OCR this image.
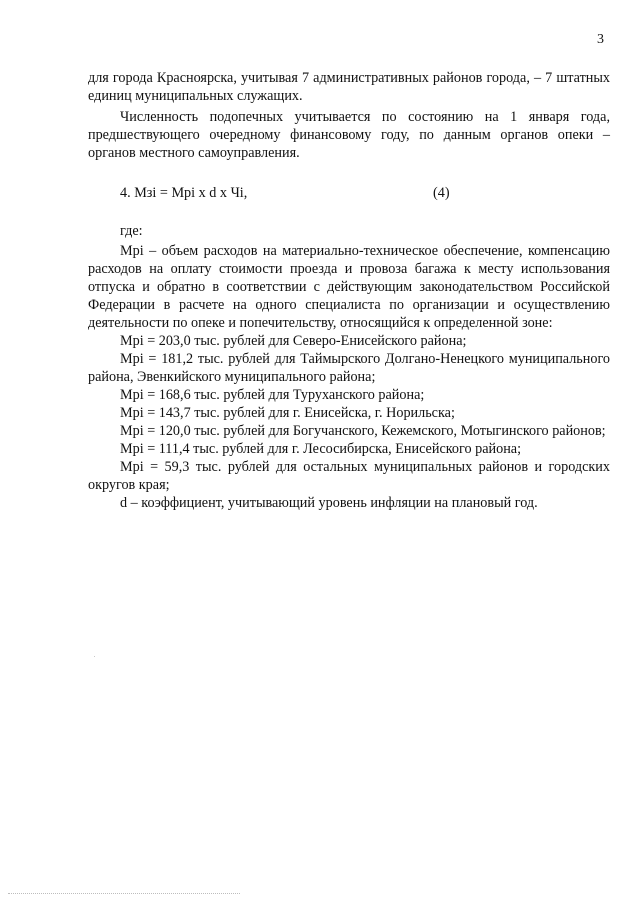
3

для города Красноярска, учитывая 7 административных районов города, – 7 штатных единиц муниципальных служащих.

Численность подопечных учитывается по состоянию на 1 января года, предшествующего очередному финансовому году, по данным органов опеки – органов местного самоуправления.

4. Мзi = Мрi х d х Чi,	(4)
где:

Мрi – объем расходов на материально-техническое обеспечение, компенсацию расходов на оплату стоимости проезда и провоза багажа к месту использования отпуска и обратно в соответствии с действующим законодательством Российской Федерации в расчете на одного специалиста по организации и осуществлению деятельности по опеке и попечительству, относящийся к определенной зоне:

Мрi = 203,0 тыс. рублей для Северо-Енисейского района;

Мрi = 181,2 тыс. рублей для Таймырского Долгано-Ненецкого муниципального района, Эвенкийского муниципального района;

Мрi = 168,6 тыс. рублей для Туруханского района;

Мрi = 143,7 тыс. рублей для г. Енисейска, г. Норильска;

Мрi = 120,0 тыс. рублей для Богучанского, Кежемского, Мотыгинского районов;

Мрi = 111,4 тыс. рублей для г. Лесосибирска, Енисейского района;

Мрi = 59,3 тыс. рублей для остальных муниципальных районов и городских округов края;

d – коэффициент, учитывающий уровень инфляции на плановый год.
